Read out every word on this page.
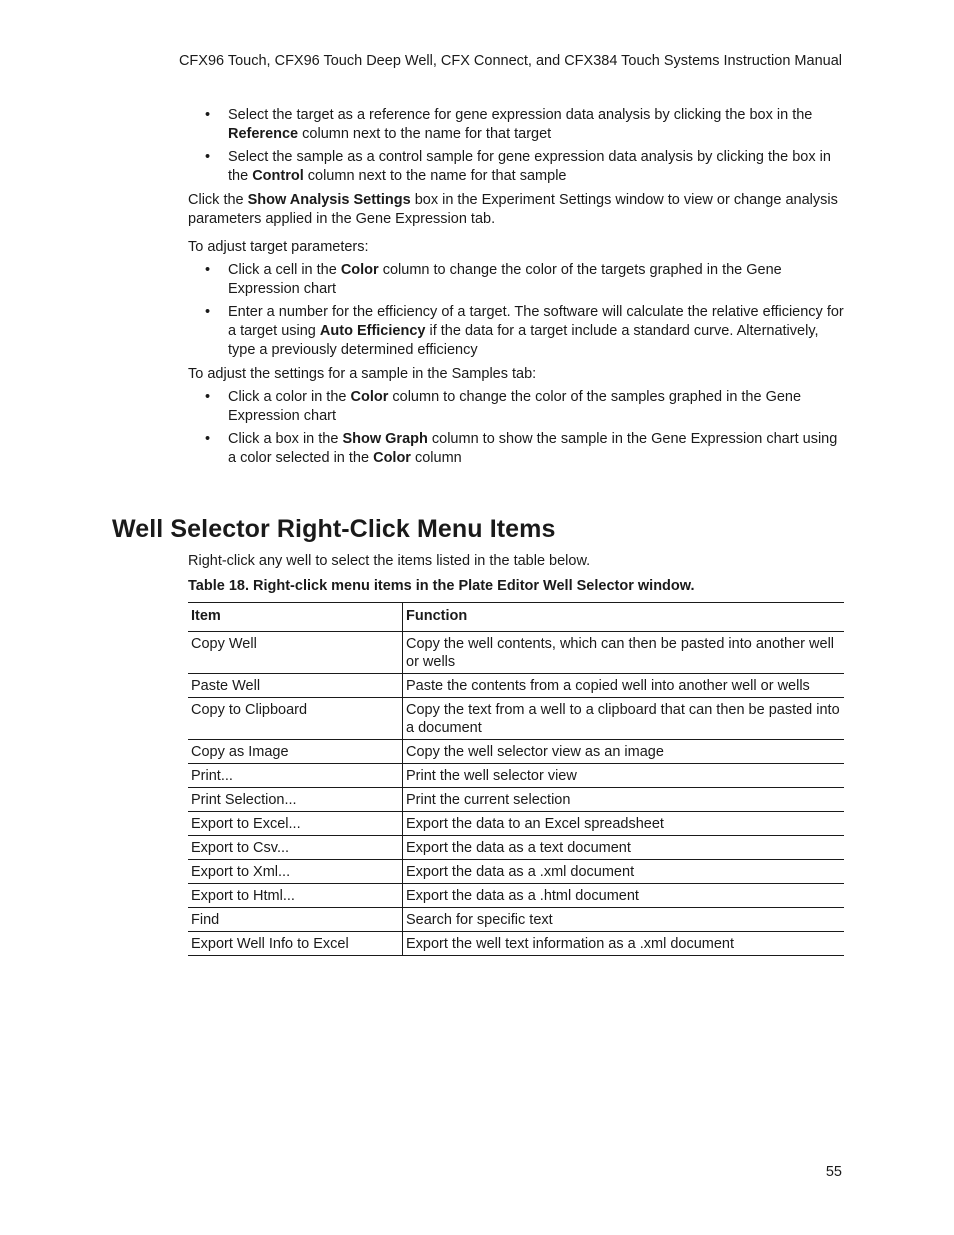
CFX96 Touch, CFX96 Touch Deep Well, CFX Connect, and CFX384 Touch Systems Instruction Manual
• Select the target as a reference for gene expression data analysis by clicking the box in the Reference column next to the name for that target
• Select the sample as a control sample for gene expression data analysis by clicking the box in the Control column next to the name for that sample

Click the Show Analysis Settings box in the Experiment Settings window to view or change analysis parameters applied in the Gene Expression tab.

To adjust target parameters:

• Click a cell in the Color column to change the color of the targets graphed in the Gene Expression chart
• Enter a number for the efficiency of a target. The software will calculate the relative efficiency for a target using Auto Efficiency if the data for a target include a standard curve. Alternatively, type a previously determined efficiency

To adjust the settings for a sample in the Samples tab:

• Click a color in the Color column to change the color of the samples graphed in the Gene Expression chart
• Click a box in the Show Graph column to show the sample in the Gene Expression chart using a color selected in the Color column
Well Selector Right-Click Menu Items
Right-click any well to select the items listed in the table below.
Table 18. Right-click menu items in the Plate Editor Well Selector window.
Item	Function
Copy Well	Copy the well contents, which can then be pasted into another well or wells
Paste Well	Paste the contents from a copied well into another well or wells
Copy to Clipboard	Copy the text from a well to a clipboard that can then be pasted into a document
Copy as Image	Copy the well selector view as an image
Print...	Print the well selector view
Print Selection...	Print the current selection
Export to Excel...	Export the data to an Excel spreadsheet
Export to Csv...	Export the data as a text document
Export to Xml...	Export the data as a .xml document
Export to Html...	Export the data as a .html document
Find	Search for specific text
Export Well Info to Excel	Export the well text information as a .xml document
55
